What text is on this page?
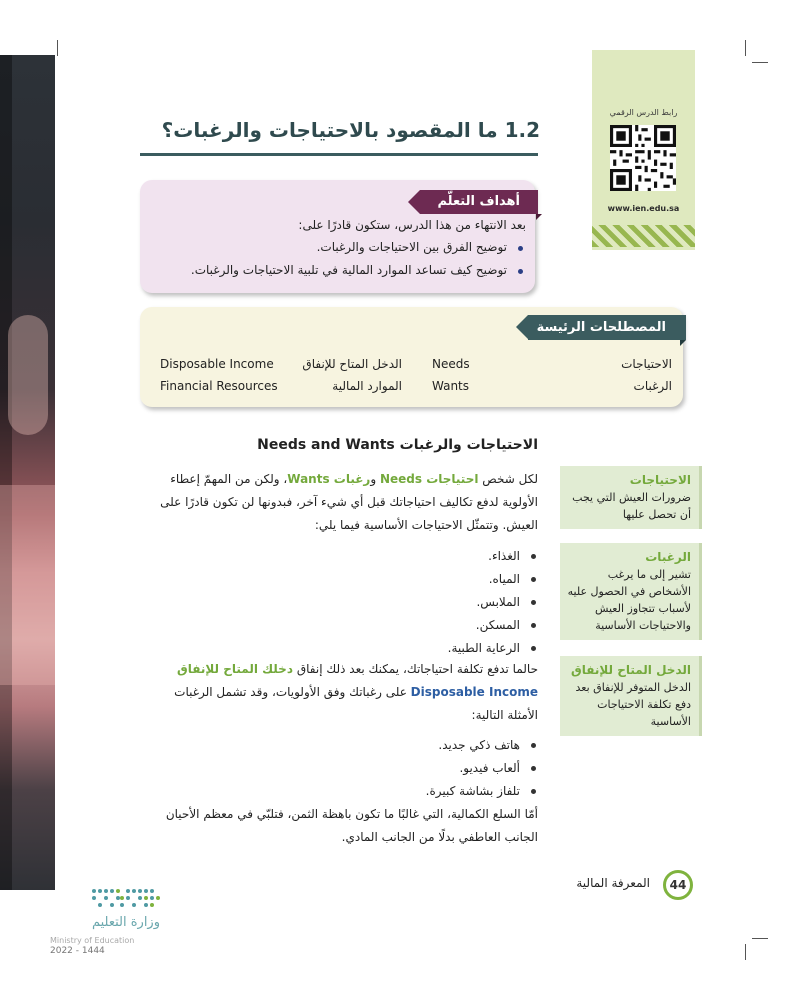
رابط الدرس الرقمي
www.ien.edu.sa
1.2 ما المقصود بالاحتياجات والرغبات؟
أهداف التعلّم
بعد الانتهاء من هذا الدرس، ستكون قادرًا على:
توضيح الفرق بين الاحتياجات والرغبات.
توضيح كيف تساعد الموارد المالية في تلبية الاحتياجات والرغبات.
المصطلحات الرئيسة
الاحتياجات
Needs
الدخل المتاح للإنفاق
Disposable Income
الرغبات
Wants
الموارد المالية
Financial Resources
الاحتياجات والرغبات Needs and Wants
لكل شخص احتياجات Needs ورغبات Wants، ولكن من المهمّ إعطاء الأولوية لدفع تكاليف احتياجاتك قبل أي شيء آخر، فبدونها لن تكون قادرًا على العيش. وتتمثّل الاحتياجات الأساسية فيما يلي:
الغذاء.
المياه.
الملابس.
المسكن.
الرعاية الطبية.
حالما تدفع تكلفة احتياجاتك، يمكنك بعد ذلك إنفاق دخلك المتاح للإنفاق Disposable Income على رغباتك وفق الأولويات، وقد تشمل الرغبات الأمثلة التالية:
هاتف ذكي جديد.
ألعاب فيديو.
تلفاز بشاشة كبيرة.
أمّا السلع الكمالية، التي غالبًا ما تكون باهظة الثمن، فتلبّي في معظم الأحيان الجانب العاطفي بدلًا من الجانب المادي.
الاحتياجات
ضرورات العيش التي يجب أن تحصل عليها
الرغبات
تشير إلى ما يرغب الأشخاص في الحصول عليه لأسباب تتجاوز العيش والاحتياجات الأساسية
الدخل المتاح للإنفاق
الدخل المتوفر للإنفاق بعد دفع تكلفة الاحتياجات الأساسية
44
المعرفة المالية
وزارة التعليم
Ministry of Education
2022 - 1444
